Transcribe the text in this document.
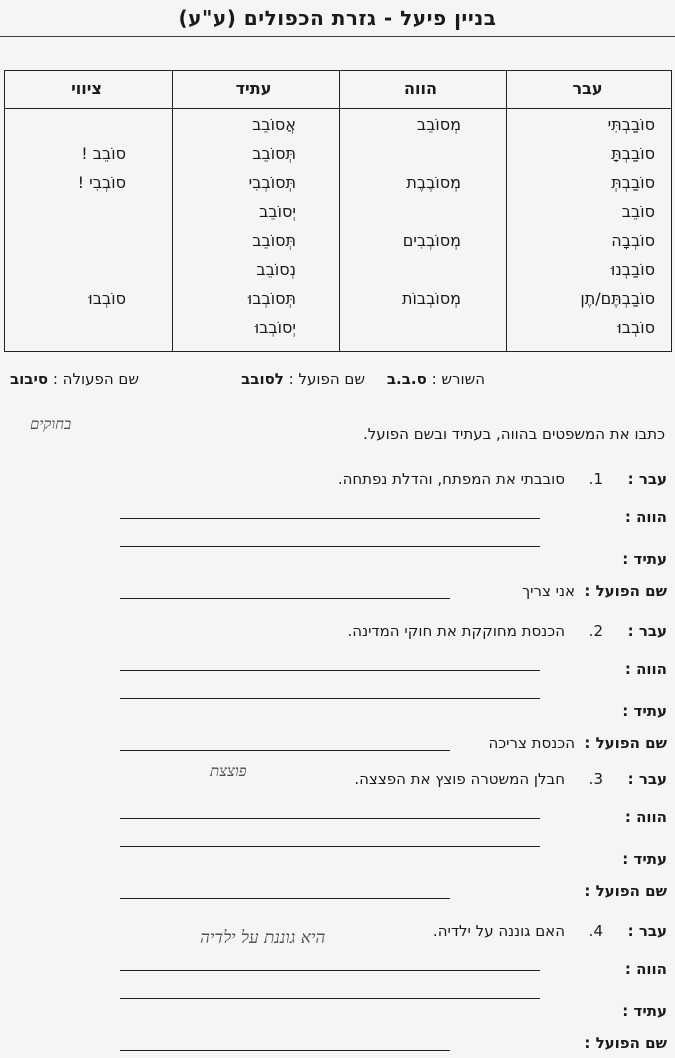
בניין פיעל - גזרת הכפולים (ע"ע)
עבר
הווה
עתיד
ציווי
סוֹבַבְתִּי
סוֹבַבְתָּ
סוֹבַבְתְּ
סוֹבֵב
סוֹבְבָה
סוֹבַבְנוּ
סוֹבַבְתֶּם/תֶן
סוֹבְבוּ
מְסוֹבֵב
מְסוֹבֶבֶת
מְסוֹבְבִים
מְסוֹבְבוֹת
אֲסוֹבֵב
תְּסוֹבֵב
תְּסוֹבְבִי
יְסוֹבֵב
תְּסוֹבֵב
נְסוֹבֵב
תְּסוֹבְבוּ
יְסוֹבְבוּ
סוֹבֵב !
סוֹבְבִי !
סוֹבְבוּ
השורש : ס.ב.ב
שם הפועל : לסובב
שם הפעולה : סיבוב
כתבו את המשפטים בהווה, בעתיד ובשם הפועל.
עבר :
1.
סובבתי את המפתח, והדלת נפתחה.
הווה :
עתיד :
שם הפועל :
אני צריך
עבר :
2.
הכנסת מחוקקת את חוקי המדינה.
הווה :
עתיד :
שם הפועל :
הכנסת צריכה
עבר :
3.
חבלן המשטרה פוצץ את הפצצה.
הווה :
עתיד :
שם הפועל :
עבר :
4.
האם גוננה על ילדיה.
הווה :
עתיד :
שם הפועל :
בחוקים
פוצצת
היא גוננת על ילדיה
